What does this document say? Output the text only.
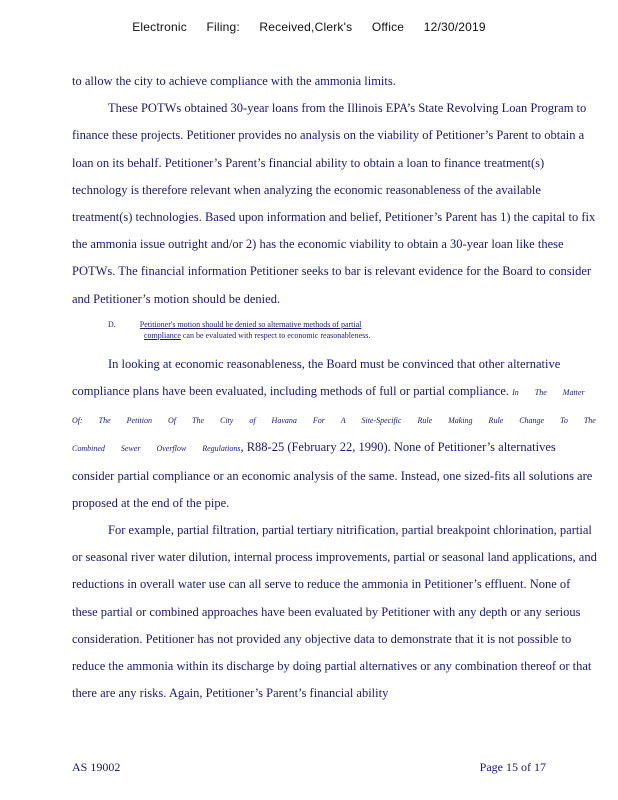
Electronic Filing: Received,Clerk's Office 12/30/2019

to allow the city to achieve compliance with the ammonia limits.

These POTWs obtained 30-year loans from the Illinois EPA’s State Revolving Loan Program to finance these projects. Petitioner provides no analysis on the viability of Petitioner’s Parent to obtain a loan on its behalf. Petitioner’s Parent’s financial ability to obtain a loan to finance treatment(s) technology is therefore relevant when analyzing the economic reasonableness of the available treatment(s) technologies. Based upon information and belief, Petitioner’s Parent has 1) the capital to fix the ammonia issue outright and/or 2) has the economic viability to obtain a 30-year loan like these POTWs. The financial information Petitioner seeks to bar is relevant evidence for the Board to consider and Petitioner’s motion should be denied.

D.	Petitioner's motion should be denied so alternative methods of partial
compliance can be evaluated with respect to economic reasonableness.

In looking at economic reasonableness, the Board must be convinced that other alternative compliance plans have been evaluated, including methods of full or partial compliance. In The Matter Of: The Petition Of The City of Havana For A Site-Specific Rule Making Rule Change To The Combined Sewer Overflow Regulations, R88-25 (February 22, 1990). None of Petitioner’s alternatives consider partial compliance or an economic analysis of the same. Instead, one sized-fits all solutions are proposed at the end of the pipe.

For example, partial filtration, partial tertiary nitrification, partial breakpoint chlorination, partial or seasonal river water dilution, internal process improvements, partial or seasonal land applications, and reductions in overall water use can all serve to reduce the ammonia in Petitioner’s effluent. None of these partial or combined approaches have been evaluated by Petitioner with any depth or any serious consideration. Petitioner has not provided any objective data to demonstrate that it is not possible to reduce the ammonia within its discharge by doing partial alternatives or any combination thereof or that there are any risks. Again, Petitioner’s Parent’s financial ability

AS 19002	Page 15 of 17
